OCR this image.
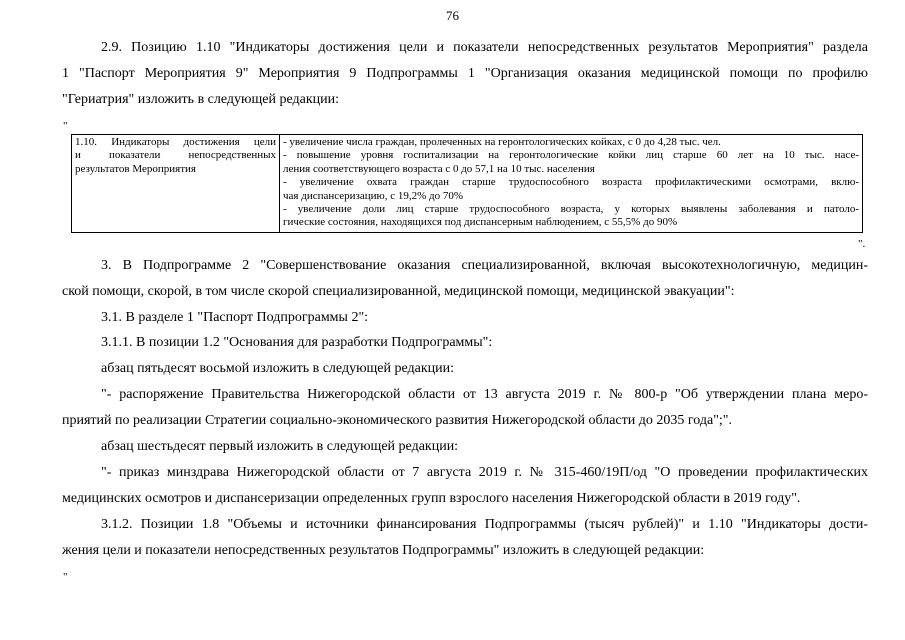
76
2.9. Позицию 1.10 "Индикаторы достижения цели и показатели непосредственных результатов Мероприятия" раздела
1 "Паспорт Мероприятия 9" Мероприятия 9 Подпрограммы 1 "Организация оказания медицинской помощи по профилю
"Гериатрия" изложить в следующей редакции:
"
1.10. Индикаторы достижения цели
и показатели непосредственных
результатов Мероприятия

- увеличение числа граждан, пролеченных на геронтологических койках, с 0 до 4,28 тыс. чел.
- повышение уровня госпитализации на геронтологические койки лиц старше 60 лет на 10 тыс. насе-
ления соответствующего возраста с 0 до 57,1 на 10 тыс. населения
- увеличение охвата граждан старше трудоспособного возраста профилактическими осмотрами, вклю-
чая диспансеризацию, с 19,2% до 70%
- увеличение доли лиц старше трудоспособного возраста, у которых выявлены заболевания и патоло-
гические состояния, находящихся под диспансерным наблюдением, с 55,5% до 90%
".
3. В Подпрограмме 2 "Совершенствование оказания специализированной, включая высокотехнологичную, медицин-
ской помощи, скорой, в том числе скорой специализированной, медицинской помощи, медицинской эвакуации":
3.1. В разделе 1 "Паспорт Подпрограммы 2":
3.1.1. В позиции 1.2 "Основания для разработки Подпрограммы":
абзац пятьдесят восьмой изложить в следующей редакции:
"- распоряжение Правительства Нижегородской области от 13 августа 2019 г. № 800-р "Об утверждении плана меро-
приятий по реализации Стратегии социально-экономического развития Нижегородской области до 2035 года";".
абзац шестьдесят первый изложить в следующей редакции:
"- приказ минздрава Нижегородской области от 7 августа 2019 г. № 315-460/19П/од "О проведении профилактических
медицинских осмотров и диспансеризации определенных групп взрослого населения Нижегородской области в 2019 году".
3.1.2. Позиции 1.8 "Объемы и источники финансирования Подпрограммы (тысяч рублей)" и 1.10 "Индикаторы дости-
жения цели и показатели непосредственных результатов Подпрограммы" изложить в следующей редакции:
"
